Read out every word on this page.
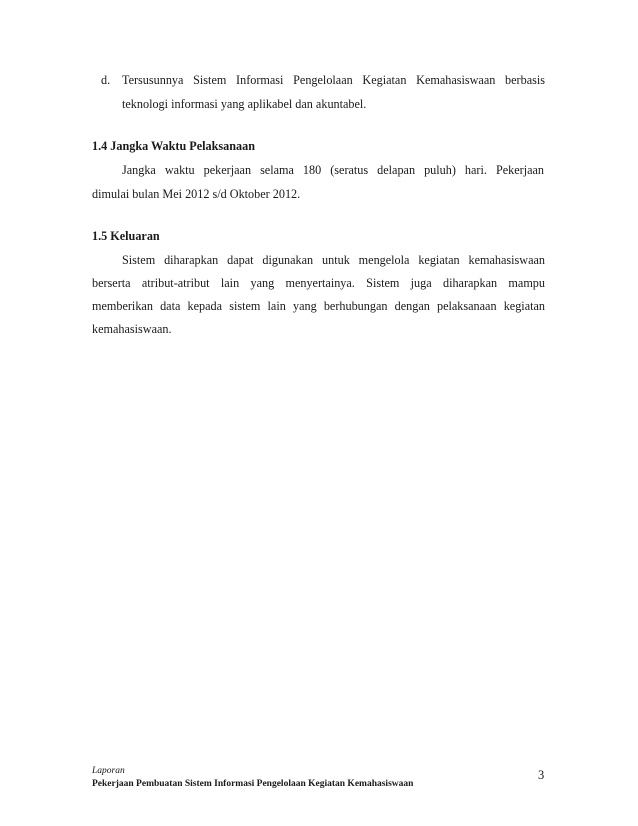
d. Tersusunnya Sistem Informasi Pengelolaan Kegiatan Kemahasiswaan berbasis
teknologi informasi yang aplikabel dan akuntabel.
1.4 Jangka Waktu Pelaksanaan
Jangka waktu pekerjaan selama 180 (seratus delapan puluh) hari. Pekerjaan
dimulai bulan Mei 2012 s/d Oktober 2012.
1.5 Keluaran
Sistem diharapkan dapat digunakan untuk mengelola kegiatan kemahasiswaan
berserta atribut-atribut lain yang menyertainya. Sistem juga diharapkan mampu
memberikan data kepada sistem lain yang berhubungan dengan pelaksanaan kegiatan
kemahasiswaan.
Laporan
Pekerjaan Pembuatan Sistem Informasi Pengelolaan Kegiatan Kemahasiswaan
3
